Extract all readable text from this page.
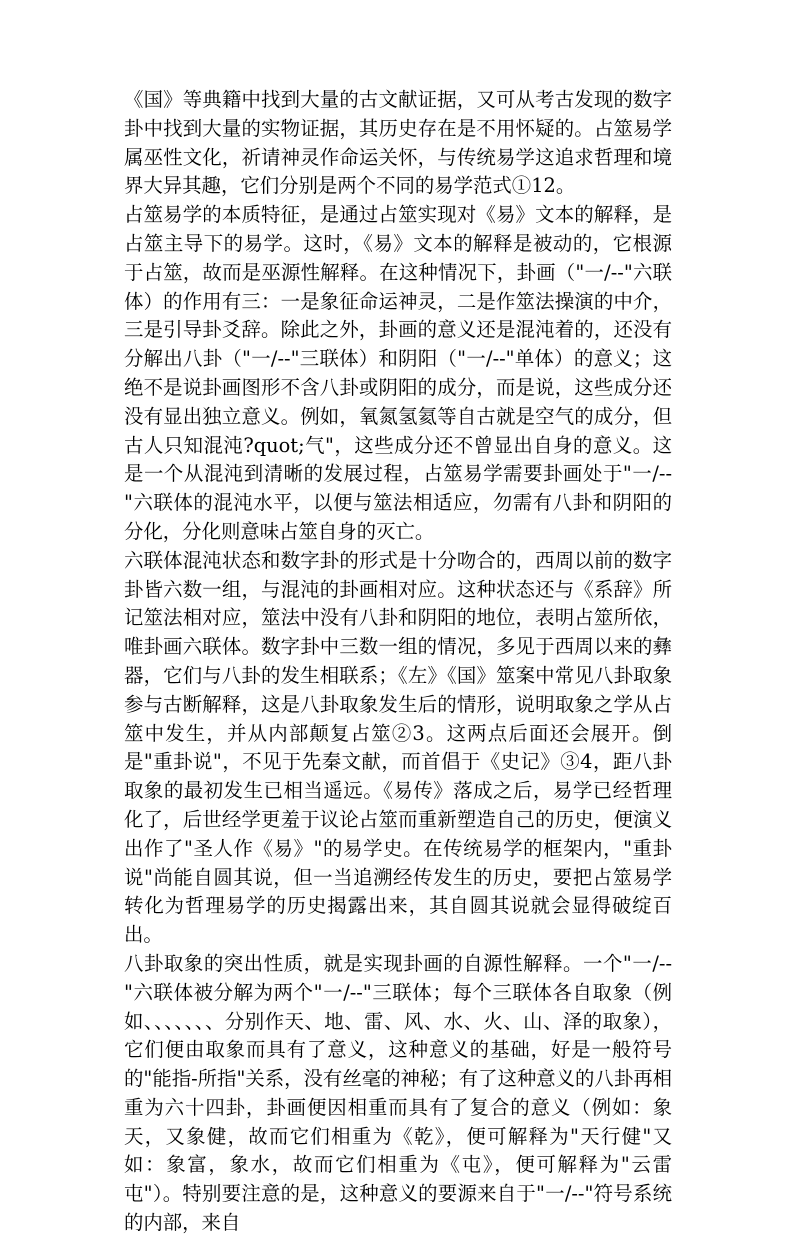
《国》等典籍中找到大量的古文献证据，又可从考古发现的数字卦中找到大量的实物证据，其历史存在是不用怀疑的。占筮易学属巫性文化，祈请神灵作命运关怀，与传统易学这追求哲理和境界大异其趣，它们分别是两个不同的易学范式①12。

占筮易学的本质特征，是通过占筮实现对《易》文本的解释，是占筮主导下的易学。这时，《易》文本的解释是被动的，它根源于占筮，故而是巫源性解释。在这种情况下，卦画（"一/--"六联体）的作用有三：一是象征命运神灵，二是作筮法操演的中介，三是引导卦爻辞。除此之外，卦画的意义还是混沌着的，还没有分解出八卦（"一/--"三联体）和阴阳（"一/--"单体）的意义；这绝不是说卦画图形不含八卦或阴阳的成分，而是说，这些成分还没有显出独立意义。例如，氧氮氢氦等自古就是空气的成分，但古人只知混沌?quot;气"，这些成分还不曾显出自身的意义。这是一个从混沌到清晰的发展过程，占筮易学需要卦画处于"一/--"六联体的混沌水平，以便与筮法相适应，勿需有八卦和阴阳的分化，分化则意味占筮自身的灭亡。

六联体混沌状态和数字卦的形式是十分吻合的，西周以前的数字卦皆六数一组，与混沌的卦画相对应。这种状态还与《系辞》所记筮法相对应，筮法中没有八卦和阴阳的地位，表明占筮所依，唯卦画六联体。数字卦中三数一组的情况，多见于西周以来的彝器，它们与八卦的发生相联系；《左》《国》筮案中常见八卦取象参与古断解释，这是八卦取象发生后的情形，说明取象之学从占筮中发生，并从内部颠复占筮②3。这两点后面还会展开。倒是"重卦说"，不见于先秦文献，而首倡于《史记》③4，距八卦取象的最初发生已相当遥远。《易传》落成之后，易学已经哲理化了，后世经学更羞于议论占筮而重新塑造自己的历史，便演义出作了"圣人作《易》"的易学史。在传统易学的框架内，"重卦说"尚能自圆其说，但一当追溯经传发生的历史，要把占筮易学转化为哲理易学的历史揭露出来，其自圆其说就会显得破绽百出。

八卦取象的突出性质，就是实现卦画的自源性解释。一个"一/--"六联体被分解为两个"一/--"三联体；每个三联体各自取象（例如、、、、、、、分别作天、地、雷、风、水、火、山、泽的取象），它们便由取象而具有了意义，这种意义的基础，好是一般符号的"能指-所指"关系，没有丝毫的神秘；有了这种意义的八卦再相重为六十四卦，卦画便因相重而具有了复合的意义（例如：象天，又象健，故而它们相重为《乾》，便可解释为"天行健"又如：象富，象水，故而它们相重为《屯》，便可解释为"云雷屯"）。特别要注意的是，这种意义的要源来自于"一/--"符号系统的内部，来自
